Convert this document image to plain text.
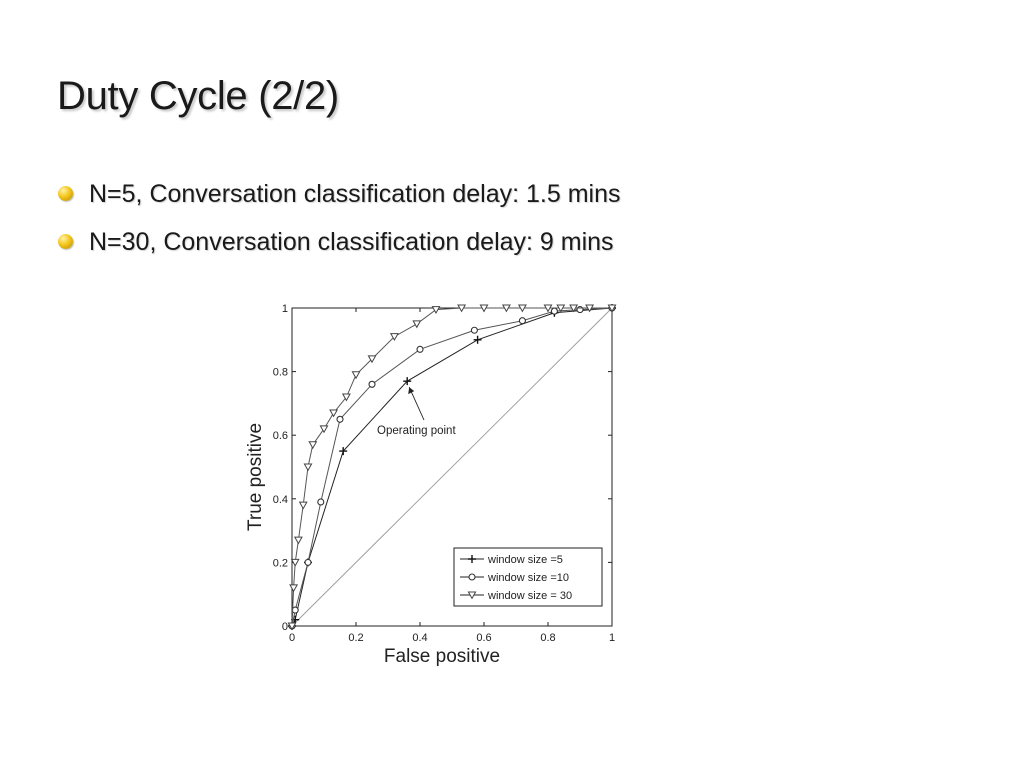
Duty Cycle (2/2)
N=5, Conversation classification delay: 1.5 mins
N=30, Conversation classification delay: 9 mins
0	0.2	0.4	0.6	0.8	1
0
0.2
0.4
0.6
0.8
1
False positive
True positive	Operating point
window size =5
window size =10
window size = 30
